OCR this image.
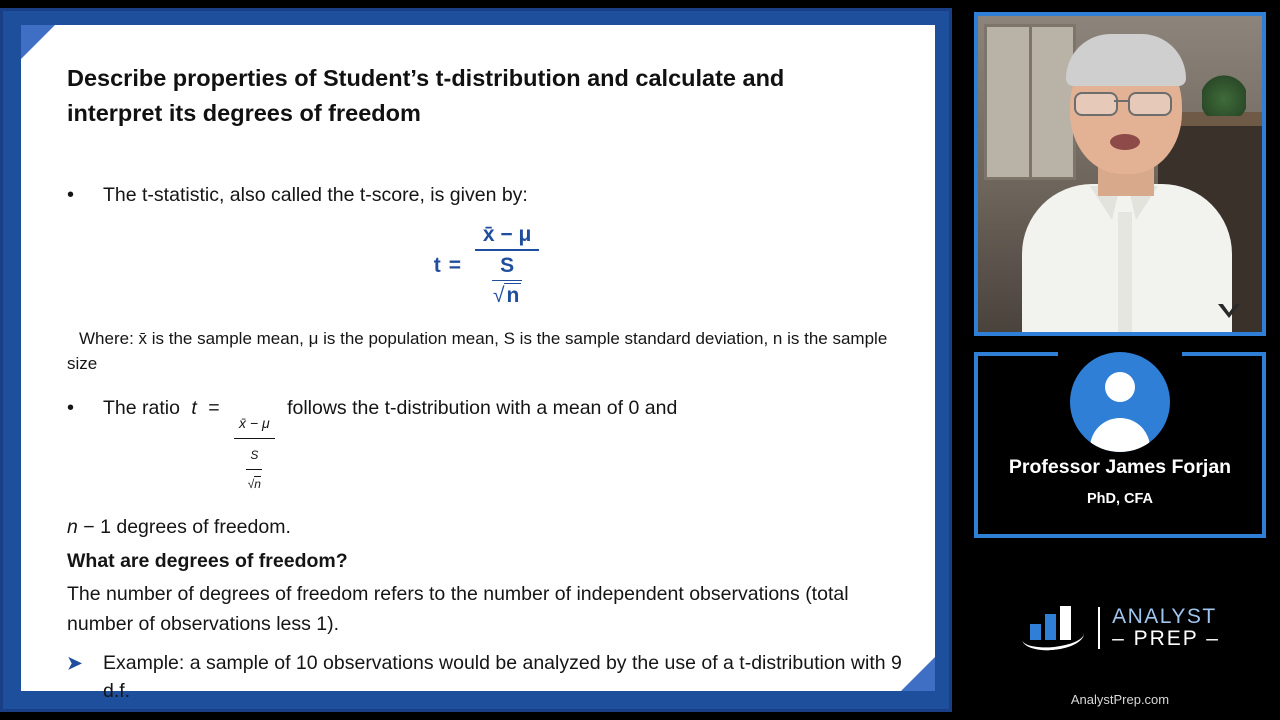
LOS Describe properties of Student’s t-distribution and calculate and interpret its degrees of freedom
•	The t-statistic, also called the t-score, is given by:
$t = \frac{x̄ - \mu}{\frac{S}{√n}}$
Where: x̄ is the sample mean, μ is the population mean, S is the sample standard deviation, n is the sample size
•	The ratio t =
$\frac{x̄ - \mu}{\frac{S}{√n}}$
follows the t-distribution with a mean of 0 and
n − 1 degrees of freedom.
What are degrees of freedom?
The number of degrees of freedom refers to the number of independent observations (total number of observations less 1).
➤	Example: a sample of 10 observations would be analyzed by the use of a t-distribution with 9 d.f.
Professor James Forjan
PhD, CFA
ANALYST
– PREP –
AnalystPrep.com
